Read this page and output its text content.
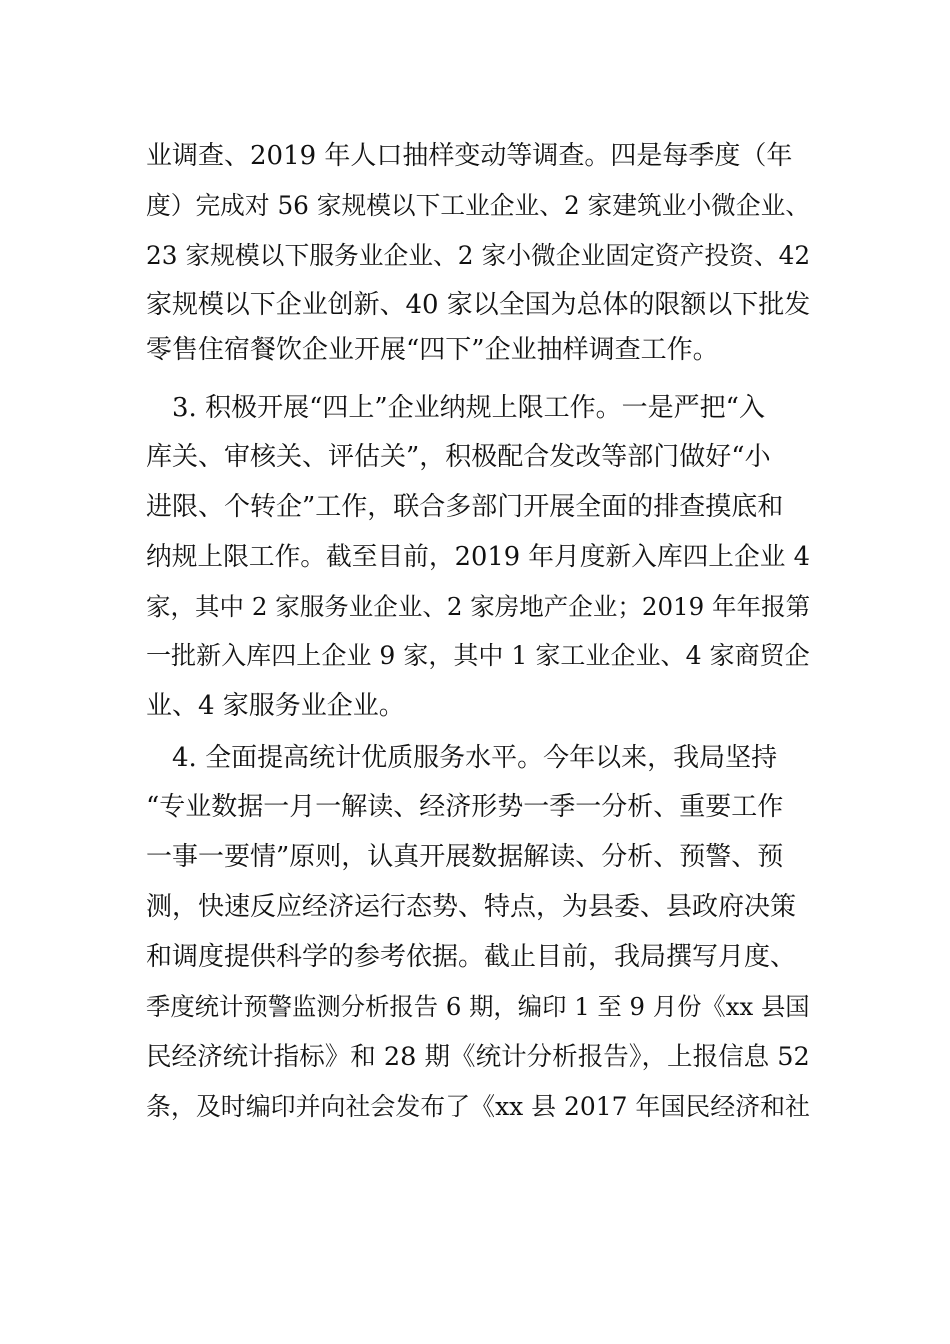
业调查、2019 年人口抽样变动等调查。四是每季度（年
度）完成对 56 家规模以下工业企业、2 家建筑业小微企业、
23 家规模以下服务业企业、2 家小微企业固定资产投资、42
家规模以下企业创新、40 家以全国为总体的限额以下批发
零售住宿餐饮企业开展“四下”企业抽样调查工作。
　3. 积极开展“四上”企业纳规上限工作。一是严把“入
库关、审核关、评估关”，积极配合发改等部门做好“小
进限、个转企”工作，联合多部门开展全面的排查摸底和
纳规上限工作。截至目前，2019 年月度新入库四上企业 4
家，其中 2 家服务业企业、2 家房地产企业；2019 年年报第
一批新入库四上企业 9 家，其中 1 家工业企业、4 家商贸企
业、4 家服务业企业。
　4. 全面提高统计优质服务水平。今年以来，我局坚持
“专业数据一月一解读、经济形势一季一分析、重要工作
一事一要情”原则，认真开展数据解读、分析、预警、预
测，快速反应经济运行态势、特点，为县委、县政府决策
和调度提供科学的参考依据。截止目前，我局撰写月度、
季度统计预警监测分析报告 6 期，编印 1 至 9 月份《xx 县国
民经济统计指标》和 28 期《统计分析报告》，上报信息 52
条，及时编印并向社会发布了《xx 县 2017 年国民经济和社
